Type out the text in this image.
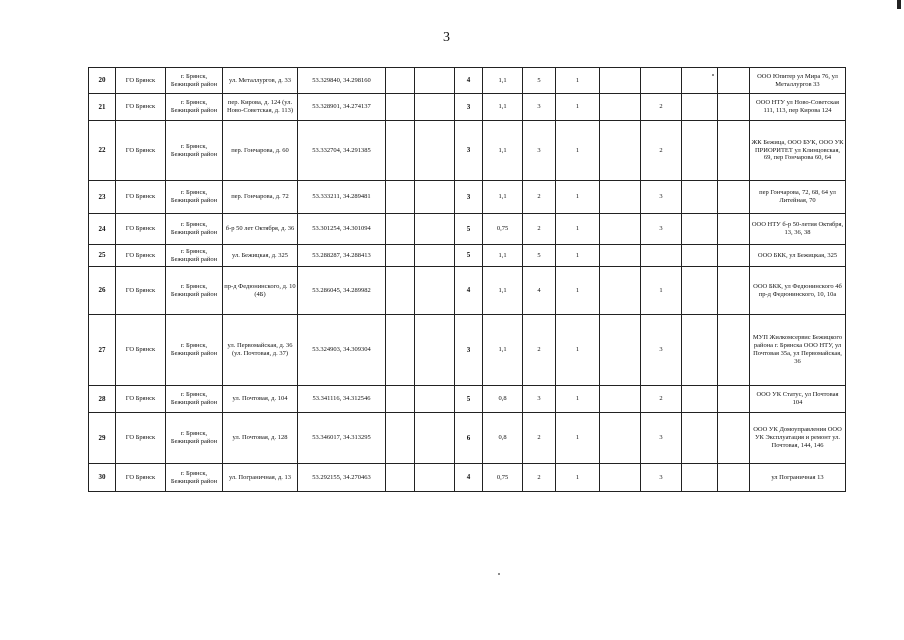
3
20	ГО Брянск	г. Брянск, Бежицкий район	ул. Металлургов, д. 33	53.329840, 34.298160			4	1,1	5	1					ООО Юпитер ул Мира 76, ул Металлургов 33
21	ГО Брянск	г. Брянск, Бежицкий район	пер. Кирова, д. 124 (ул. Ново-Советская, д. 113)	53.328901, 34.274137			3	1,1	3	1		2			ООО НТУ ул Ново-Советская 111, 113, пер Кирова 124
22	ГО Брянск	г. Брянск, Бежицкий район	пер. Гончарова, д. 60	53.332704, 34.291385			3	1,1	3	1		2			ЖК Бежица, ООО БУК, ООО УК ПРИОРИТЕТ ул Клинцовская, 69, пер Гончарова 60, 64
23	ГО Брянск	г. Брянск, Бежицкий район	пер. Гончарова, д. 72	53.333211, 34.289481			3	1,1	2	1		3			пер Гончарова, 72, 68, 64 ул Литейная, 70
24	ГО Брянск	г. Брянск, Бежицкий район	б-р 50 лет Октября, д. 36	53.301254, 34.301094			5	0,75	2	1		3			ООО НТУ б-р 50-летия Октября, 13, 36, 38
25	ГО Брянск	г. Брянск, Бежицкий район	ул. Бежицкая, д. 325	53.288287, 34.288413			5	1,1	5	1					ООО БКК, ул Бежицкая, 325
26	ГО Брянск	г. Брянск, Бежицкий район	пр-д Федюнинского, д. 10 (4Б)	53.286045, 34.289982			4	1,1	4	1		1			ООО БКК, ул Федюнинского 4б пр-д Федюнинского, 10, 10а
27	ГО Брянск	г. Брянск, Бежицкий район	ул. Первомайская, д. 36 (ул. Почтовая, д. 37)	53.324903, 34.309304			3	1,1	2	1		3			МУП Жилкомсервис Бежицкого района г. Брянска ООО НТУ, ул Почтовая 35а, ул Первомайская, 36
28	ГО Брянск	г. Брянск, Бежицкий район	ул. Почтовая, д. 104	53.341116, 34.312546			5	0,8	3	1		2			ООО УК Статус, ул Почтовая 104
29	ГО Брянск	г. Брянск, Бежицкий район	ул. Почтовая, д. 128	53.346017, 34.313295			6	0,8	2	1		3			ООО УК Домоуправления ООО УК Эксплуатация и ремонт ул. Почтовая, 144, 146
30	ГО Брянск	г. Брянск, Бежицкий район	ул. Пограничная, д. 13	53.292155, 34.270463			4	0,75	2	1		3			ул Пограничная 13
